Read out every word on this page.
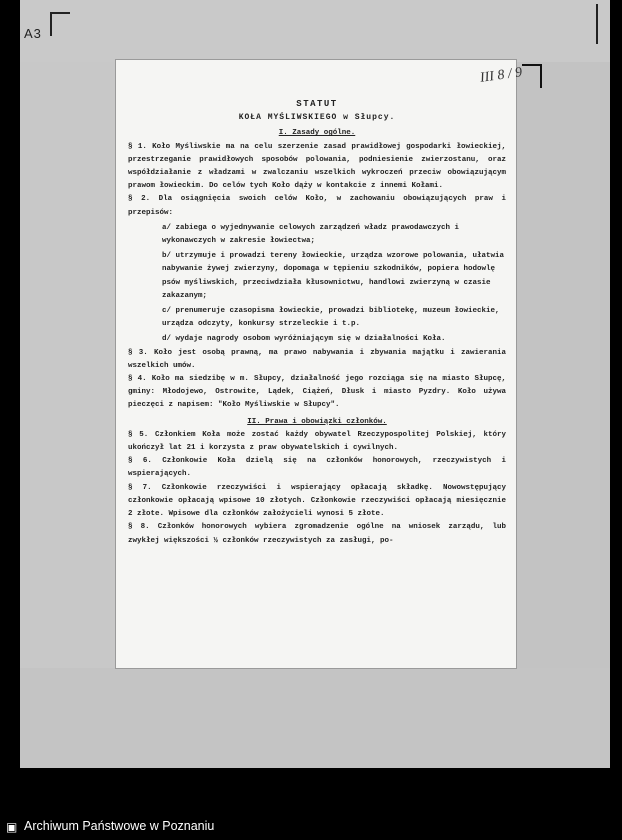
A3
III 8 / 9

STATUT

KOŁA MYŚLIWSKIEGO w Słupcy.

I. Zasady ogólne.

§ 1. Koło Myśliwskie ma na celu szerzenie zasad prawidłowej gospodarki łowieckiej, przestrzeganie prawidłowych sposobów polowania, podniesienie zwierzostanu, oraz współdziałanie z władzami w zwalczaniu wszelkich wykroczeń przeciw obowiązującym prawom łowieckim. Do celów tych Koło dąży w kontakcie z innemi Kołami.

§ 2. Dla osiągnięcia swoich celów Koło, w zachowaniu obowiązujących praw i przepisów:

a/ zabiega o wyjednywanie celowych zarządzeń władz prawodawczych i wykonawczych w zakresie łowiectwa;

b/ utrzymuje i prowadzi tereny łowieckie, urządza wzorowe polowania, ułatwia nabywanie żywej zwierzyny, dopomaga w tępieniu szkodników, popiera hodowlę psów myśliwskich, przeciwdziała kłusownictwu, handlowi zwierzyną w czasie zakazanym;

c/ prenumeruje czasopisma łowieckie, prowadzi bibliotekę, muzeum łowieckie, urządza odczyty, konkursy strzeleckie i t.p.

d/ wydaje nagrody osobom wyróżniającym się w działalności Koła.

§ 3. Koło jest osobą prawną, ma prawo nabywania i zbywania majątku i zawierania wszelkich umów.

§ 4. Koło ma siedzibę w m. Słupcy, działalność jego rozciąga się na miasto Słupcę, gminy: Młodojewo, Ostrowite, Lądek, Ciążeń, Dłusk i miasto Pyzdry. Koło używa pieczęci z napisem: "Koło Myśliwskie w Słupcy".

II. Prawa i obowiązki członków.

§ 5. Członkiem Koła może zostać każdy obywatel Rzeczypospolitej Polskiej, który ukończył lat 21 i korzysta z praw obywatelskich i cywilnych.

§ 6. Członkowie Koła dzielą się na członków honorowych, rzeczywistych i wspierających.

§ 7. Członkowie rzeczywiści i wspierający opłacają składkę. Nowowstępujący członkowie opłacają wpisowe 10 złotych. Członkowie rzeczywiści opłacają miesięcznie 2 złote. Wpisowe dla członków założycieli wynosi 5 złote.

§ 8. Członków honorowych wybiera zgromadzenie ogólne na wniosek zarządu, lub zwykłej większości ½ członków rzeczywistych za zasługi, po-

▣ Archiwum Państwowe w Poznaniu
